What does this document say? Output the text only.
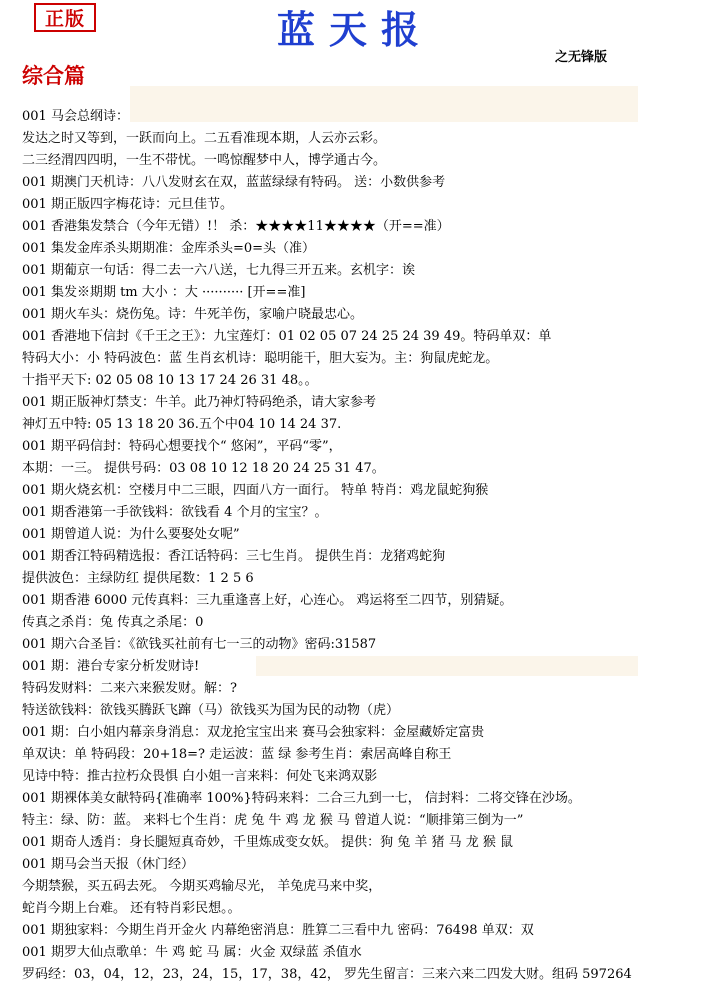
正版	蓝天报
之无锋版
综合篇
001 马会总纲诗：
发达之时又等到，一跃而向上。二五看准现本期，人云亦云彩。
二三经渭四四明，一生不带忧。一鸣惊醒梦中人，博学通古今。
001 期澳门天机诗：八八发财玄在双，蓝蓝绿绿有特码。 送：小数供参考
001 期正版四字梅花诗：元旦佳节。
001 香港集发禁合（今年无错）!！ 杀：★★★★11★★★★（开==准）
001 集发金库杀头期期准：金库杀头=0=头（准）
001 期葡京一句话：得二去一六八送，七九得三开五来。玄机字：诶
001 集发※期期 tm 大小 ：大 ·········· [开==准]
001 期火车头：烧伤兔。诗：牛死羊伤，家喻户晓最忠心。
001 香港地下信封《千王之王》：九宝莲灯：01 02 05 07 24 25 24 39 49。特码单双：单
特码大小：小 特码波色：蓝 生肖玄机诗：聪明能干，胆大妄为。主：狗鼠虎蛇龙。
十指平天下: 02 05 08 10 13 17 24 26 31 48。。
001 期正版神灯禁支：牛羊。此乃神灯特码绝杀，请大家参考
神灯五中特: 05 13 18 20 36.五个中04 10 14 24 37.
001 期平码信封：特码心想要找个“ 悠闲”，平码“零”，
本期：一三。 提供号码：03 08 10 12 18 20 24 25 31 47。
001 期火烧玄机：空楼月中二三眼，四面八方一面行。 特单 特肖：鸡龙鼠蛇狗猴
001 期香港第一手欲钱料：欲钱看 4 个月的宝宝？。
001 期曾道人说：为什么要娶处女呢”
001 期香江特码精选报：香江话特码：三七生肖。 提供生肖：龙猪鸡蛇狗
提供波色：主绿防红 提供尾数：1 2 5 6
001 期香港 6000 元传真料：三九重逢喜上好，心连心。 鸡运将至二四节，别猜疑。
传真之杀肖：兔 传真之杀尾：0
001 期六合圣旨：《欲钱买社前有七一三的动物》密码:31587
001 期：港台专家分析发财诗!
特码发财料：二来六来猴发财。解：?
特送欲钱料：欲钱买腾跃飞蹿（马）欲钱买为国为民的动物（虎）
001 期：白小姐内幕亲身消息：双龙抢宝宝出来 赛马会独家料：金屋藏娇定富贵
单双诀：单 特码段：20+18=? 走运波：蓝 绿 参考生肖：索居高峰自称王
见诗中特：推古拉朽众畏惧 白小姐一言来料：何处飞来鸿双影
001 期裸体美女献特码{准确率 100%}特码来料：二合三九到一七， 信封料：二将交锋在沙场。
特主：绿、防：蓝。 来料七个生肖：虎 兔 牛 鸡 龙 猴 马 曾道人说：“顺排第三倒为一”
001 期奇人透肖：身长腿短真奇妙，千里炼成变女妖。 提供：狗 兔 羊 猪 马 龙 猴 鼠
001 期马会当天报（休门经）
今期禁猴，买五码去死。 今期买鸡输尽光， 羊兔虎马来中奖，
蛇肖今期上台难。 还有特肖彩民想。。
001 期独家料：今期生肖开金火 内幕绝密消息：胜算二三看中九 密码：76498 单双：双
001 期罗大仙点歌单：牛 鸡 蛇 马 属：火金 双绿蓝 杀值水
罗码经：03，04，12，23，24，15，17，38，42， 罗先生留言：三来六来二四发大财。组码 597264
